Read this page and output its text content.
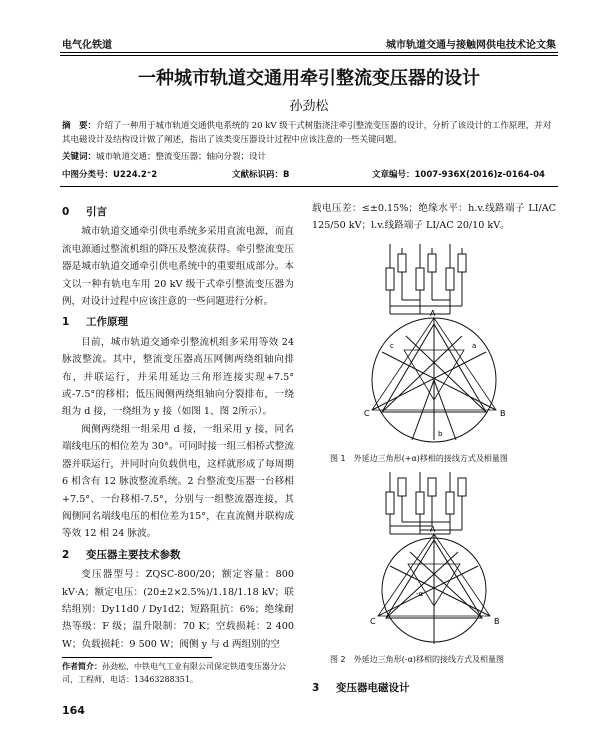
电气化铁道	城市轨道交通与接触网供电技术论文集
一种城市轨道交通用牵引整流变压器的设计
孙劲松
摘　要：介绍了一种用于城市轨道交通供电系统的 20 kV 级干式树脂浇注牵引整流变压器的设计，分析了该设计的工作原理，并对其电磁设计及结构设计做了阐述，指出了该类变压器设计过程中应该注意的一些关键问题。
关键词：城市轨道交通；整流变压器；轴向分裂；设计
中图分类号：U224.2⁺2	文献标识码：B	文章编号：1007-936X(2016)z-0164-04
0 引言

城市轨道交通牵引供电系统多采用直流电源，而直流电源通过整流机组的降压及整流获得。牵引整流变压器是城市轨道交通牵引供电系统中的重要组成部分。本文以一种有轨电车用 20 kV 级干式牵引整流变压器为例，对设计过程中应该注意的一些问题进行分析。

1 工作原理

目前，城市轨道交通牵引整流机组多采用等效 24 脉波整流。其中，整流变压器高压网侧两绕组轴向排布，并联运行，并采用延边三角形连接实现+7.5°或-7.5°的移相；低压阀侧两绕组轴向分裂排布，一绕组为 d 接，一绕组为 y 接（如图 1、图 2所示）。

阀侧两绕组一组采用 d 接，一组采用 y 接，同名端线电压的相位差为 30°。可同时接一组三相桥式整流器并联运行，并同时向负载供电，这样就形成了每周期 6 相含有 12 脉波整流系统。2 台整流变压器一台移相+7.5°、一台移相-7.5°，分别与一组整流器连接，其阀侧同名端线电压的相位差为15°，在直流侧并联构成等效 12 相 24 脉波。

2 变压器主要技术参数

变压器型号：ZQSC-800/20；额定容量：800 kV·A；额定电压：(20±2×2.5%)/1.18/1.18 kV；联结组别：Dy11d0 / Dy1d2；短路阻抗：6%；绝缘耐热等级：F 级；温升限制：70 K；空载损耗：2 400 W；负载损耗：9 500 W；阀侧 y 与 d 两组别的空

载电压差：≤±0.15%；绝缘水平：h.v.线路端子 LI/AC 125/50 kV；l.v.线路端子 LI/AC 20/10 kV。

A
C	B
c	a
b
图 1　外延边三角形(+α)移相的接线方式及相量图
A
C	B
-α
图 2　外延边三角形(-α)移相的接线方式及相量图
3 变压器电磁设计
作者简介：孙劲松，中铁电气工业有限公司保定铁道变压器分公司，工程师，电话：13463288351。
164
